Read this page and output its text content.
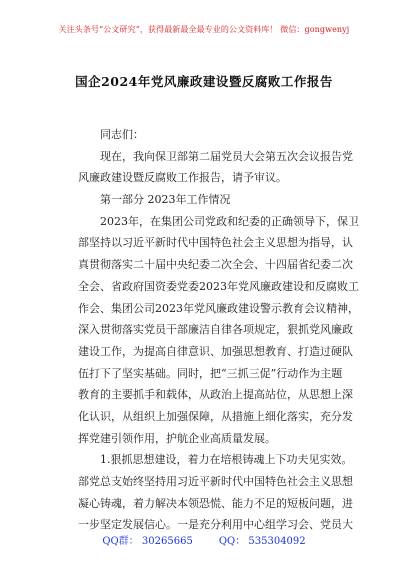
关注头条号“公文研究”，获得最新最全最专业的公文资料库！ 微信：gongwenyj
国企2024年党风廉政建设暨反腐败工作报告
同志们：
现在，我向保卫部第二届党员大会第五次会议报告党
风廉政建设暨反腐败工作报告，请予审议。
第一部分 2023年工作情况
2023年，在集团公司党政和纪委的正确领导下，保卫
部坚持以习近平新时代中国特色社会主义思想为指导，认
真贯彻落实二十届中央纪委二次全会、十四届省纪委二次
全会、省政府国资委党委2023年党风廉政建设和反腐败工
作会、集团公司2023年党风廉政建设警示教育会议精神，
深入贯彻落实党员干部廉洁自律各项规定，狠抓党风廉政
建设工作，为提高自律意识、加强思想教育、打造过硬队
伍打下了坚实基础。同时，把“三抓三促”行动作为主题
教育的主要抓手和载体，从政治上提高站位，从思想上深
化认识，从组织上加强保障，从措施上细化落实，充分发
挥党建引领作用，护航企业高质量发展。
1.狠抓思想建设，着力在培根铸魂上下功夫见实效。
部党总支始终坚持用习近平新时代中国特色社会主义思想
凝心铸魂，着力解决本领恐慌、能力不足的短板问题，进
一步坚定发展信心。一是充分利用中心组学习会、党员大
QQ群： 30265665	QQ： 535304092
